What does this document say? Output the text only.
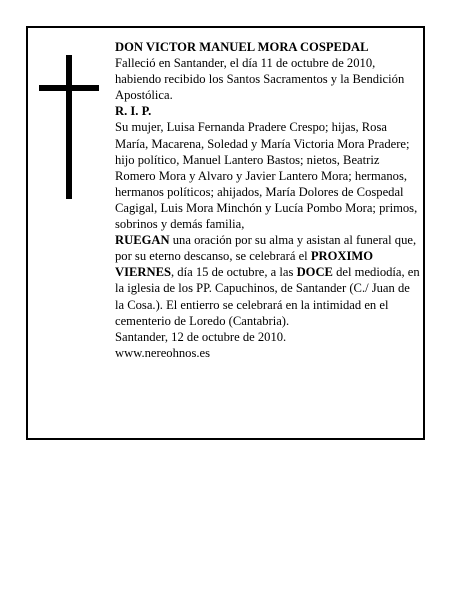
DON VICTOR MANUEL MORA COSPEDAL

Falleció en Santander, el día 11 de octubre de 2010, habiendo recibido los Santos Sacramentos y la Bendición Apostólica.

R. I. P.

Su mujer, Luisa Fernanda Pradere Crespo; hijas, Rosa María, Macarena, Soledad y María Victoria Mora Pradere; hijo político, Manuel Lantero Bastos; nietos, Beatriz Romero Mora y Alvaro y Javier Lantero Mora; hermanos, hermanos políticos; ahijados, María Dolores de Cospedal Cagigal, Luis Mora Minchón y Lucía Pombo Mora; primos, sobrinos y demás familia,

RUEGAN una oración por su alma y asistan al funeral que, por su eterno descanso, se celebrará el PROXIMO VIERNES, día 15 de octubre, a las DOCE del mediodía, en la iglesia de los PP. Capuchinos, de Santander (C./ Juan de la Cosa.). El entierro se celebrará en la intimidad en el cementerio de Loredo (Cantabria).

Santander, 12 de octubre de 2010.

www.nereohnos.es
